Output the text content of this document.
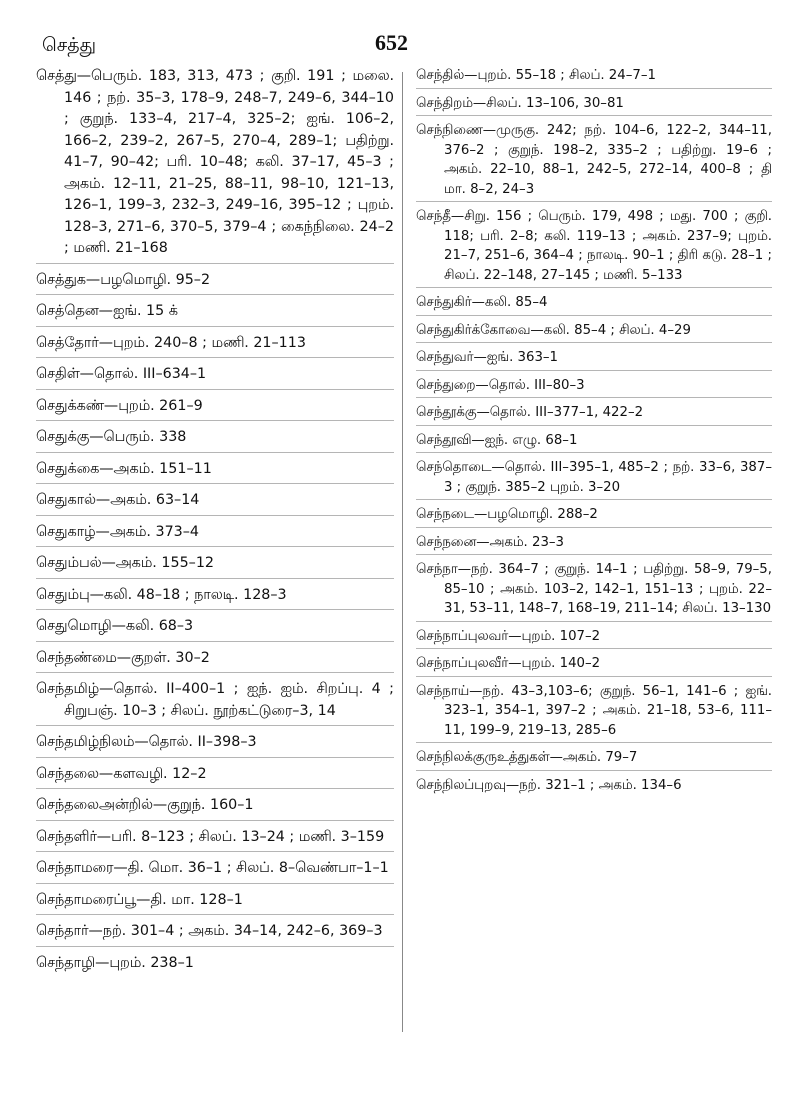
செத்து	652

செத்து—பெரும். 183, 313, 473 ; குறி. 191 ; மலை. 146 ; நற். 35–3, 178–9, 248–7, 249–6, 344–10 ; குறுந். 133–4, 217–4, 325–2; ஐங். 106–2, 166–2, 239–2, 267–5, 270–4, 289–1; பதிற்று. 41–7, 90–42; பரி. 10–48; கலி. 37–17, 45–3 ; அகம். 12–11, 21–25, 88–11, 98–10, 121–13, 126–1, 199–3, 232–3, 249–16, 395–12 ; புறம். 128–3, 271–6, 370–5, 379–4 ; கைந்நிலை. 24–2 ; மணி. 21–168

செத்துக—பழமொழி. 95–2

செத்தென—ஐங். 15 க்

செத்தோர்—புறம். 240–8 ; மணி. 21–113

செதிள்—தொல். III–634–1

செதுக்கண்—புறம். 261–9

செதுக்கு—பெரும். 338

செதுக்கை—அகம். 151–11

செதுகால்—அகம். 63–14

செதுகாழ்—அகம். 373–4

செதும்பல்—அகம். 155–12

செதும்பு—கலி. 48–18 ; நாலடி. 128–3

செதுமொழி—கலி. 68–3

செந்தண்மை—குறள். 30–2

செந்தமிழ்—தொல். II–400–1 ; ஐந். ஐம். சிறப்பு. 4 ; சிறுபஞ். 10–3 ; சிலப். நூற்கட்டுரை–3, 14

செந்தமிழ்நிலம்—தொல். II–398–3

செந்தலை—களவழி. 12–2

செந்தலைஅன்றில்—குறுந். 160–1

செந்தளிர்—பரி. 8–123 ; சிலப். 13–24 ; மணி. 3–159

செந்தாமரை—தி. மொ. 36–1 ; சிலப். 8–வெண்பா–1–1

செந்தாமரைப்பூ—தி. மா. 128–1

செந்தார்—நற். 301–4 ; அகம். 34–14, 242–6, 369–3

செந்தாழி—புறம். 238–1

செந்தில்—புறம். 55–18 ; சிலப். 24–7–1

செந்திறம்—சிலப். 13–106, 30–81

செந்நிணை—முருகு. 242; நற். 104–6, 122–2, 344–11, 376–2 ; குறுந். 198–2, 335–2 ; பதிற்று. 19–6 ; அகம். 22–10, 88–1, 242–5, 272–14, 400–8 ; தி மா. 8–2, 24–3

செந்தீ—சிறு. 156 ; பெரும். 179, 498 ; மது. 700 ; குறி. 118; பரி. 2–8; கலி. 119–13 ; அகம். 237–9; புறம். 21–7, 251–6, 364–4 ; நாலடி. 90–1 ; திரி கடு. 28–1 ; சிலப். 22–148, 27–145 ; மணி. 5–133

செந்துகிர்—கலி. 85–4

செந்துகிர்க்கோவை—கலி. 85–4 ; சிலப். 4–29

செந்துவர்—ஐங். 363–1

செந்துறை—தொல். III–80–3

செந்தூக்கு—தொல். III–377–1, 422–2

செந்தூவி—ஐந். எழு. 68–1

செந்தொடை—தொல். III–395–1, 485–2 ; நற். 33–6, 387–3 ; குறுந். 385–2 புறம். 3–20

செந்நடை—பழமொழி. 288–2

செந்நனை—அகம். 23–3

செந்நா—நற். 364–7 ; குறுந். 14–1 ; பதிற்று. 58–9, 79–5, 85–10 ; அகம். 103–2, 142–1, 151–13 ; புறம். 22–31, 53–11, 148–7, 168–19, 211–14; சிலப். 13–130

செந்நாப்புலவர்—புறம். 107–2

செந்நாப்புலவீர்—புறம். 140–2

செந்நாய்—நற். 43–3,103–6; குறுந். 56–1, 141–6 ; ஐங். 323–1, 354–1, 397–2 ; அகம். 21–18, 53–6, 111–11, 199–9, 219–13, 285–6

செந்நிலக்குருஉத்துகள்—அகம். 79–7

செந்நிலப்புறவு—நற். 321–1 ; அகம். 134–6
